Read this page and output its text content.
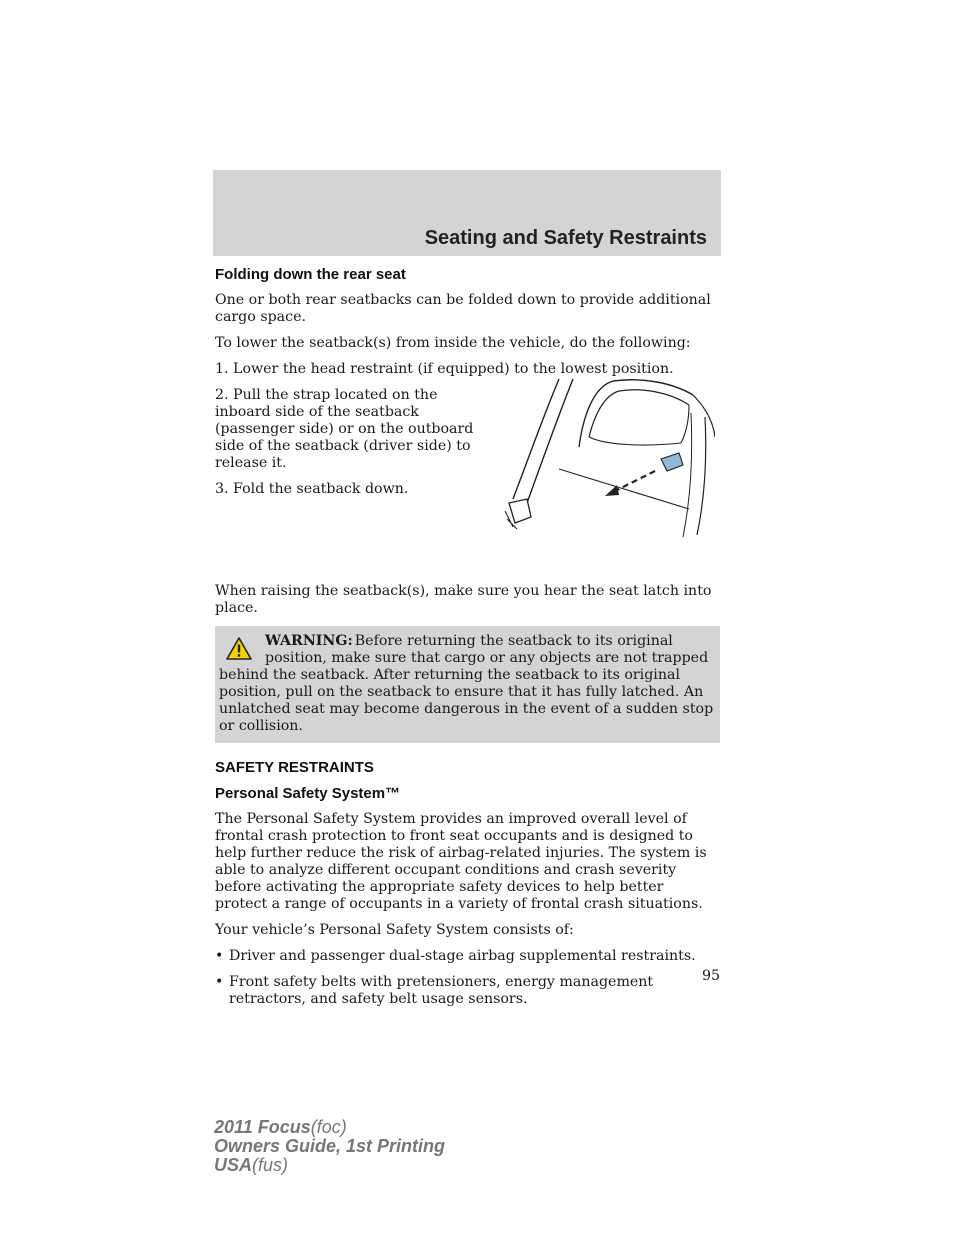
Seating and Safety Restraints
Folding down the rear seat

One or both rear seatbacks can be folded down to provide additional cargo space.

To lower the seatback(s) from inside the vehicle, do the following:

1. Lower the head restraint (if equipped) to the lowest position.

2. Pull the strap located on the inboard side of the seatback (passenger side) or on the outboard side of the seatback (driver side) to release it.

3. Fold the seatback down.

When raising the seatback(s), make sure you hear the seat latch into place.

WARNING: Before returning the seatback to its original position, make sure that cargo or any objects are not trapped
behind the seatback. After returning the seatback to its original position, pull on the seatback to ensure that it has fully latched. An unlatched seat may become dangerous in the event of a sudden stop or collision.
SAFETY RESTRAINTS
Personal Safety System™

The Personal Safety System provides an improved overall level of frontal crash protection to front seat occupants and is designed to help further reduce the risk of airbag-related injuries. The system is able to analyze different occupant conditions and crash severity before activating the appropriate safety devices to help better protect a range of occupants in a variety of frontal crash situations.

Your vehicle’s Personal Safety System consists of:

• Driver and passenger dual-stage airbag supplemental restraints.
• Front safety belts with pretensioners, energy management retractors, and safety belt usage sensors.
95
2011 Focus(foc)
Owners Guide, 1st Printing
USA(fus)
